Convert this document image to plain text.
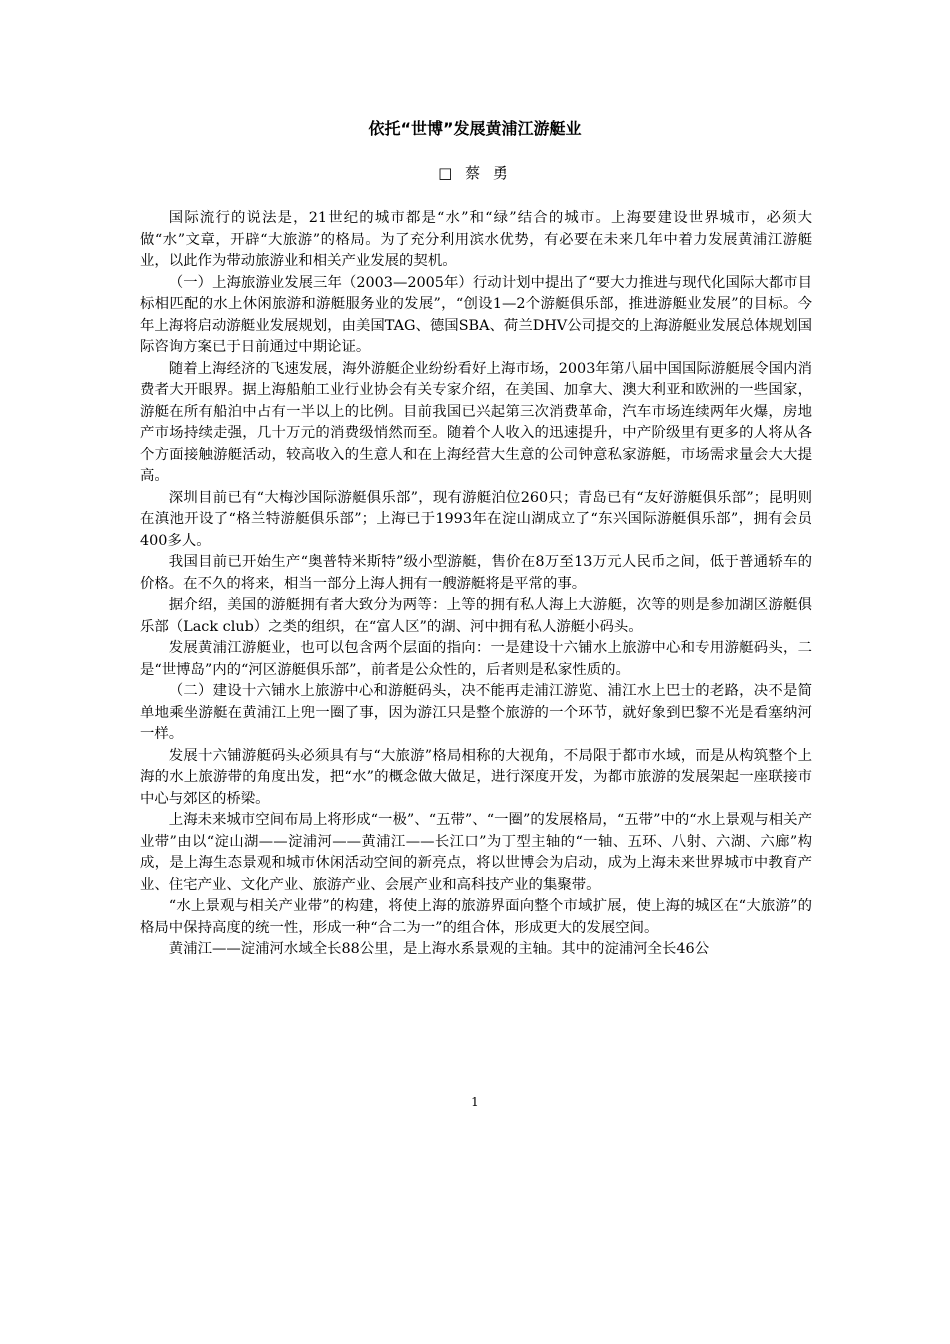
依托“世博”发展黄浦江游艇业
□ 蔡 勇

国际流行的说法是，21世纪的城市都是“水”和“绿”结合的城市。上海要建设世界城市，必须大做“水”文章，开辟“大旅游”的格局。为了充分利用滨水优势，有必要在未来几年中着力发展黄浦江游艇业，以此作为带动旅游业和相关产业发展的契机。

（一）上海旅游业发展三年（2003—2005年）行动计划中提出了“要大力推进与现代化国际大都市目标相匹配的水上休闲旅游和游艇服务业的发展”，“创设1—2个游艇俱乐部，推进游艇业发展”的目标。今年上海将启动游艇业发展规划，由美国TAG、德国SBA、荷兰DHV公司提交的上海游艇业发展总体规划国际咨询方案已于日前通过中期论证。

随着上海经济的飞速发展，海外游艇企业纷纷看好上海市场，2003年第八届中国国际游艇展令国内消费者大开眼界。据上海船舶工业行业协会有关专家介绍，在美国、加拿大、澳大利亚和欧洲的一些国家，游艇在所有船泊中占有一半以上的比例。目前我国已兴起第三次消费革命，汽车市场连续两年火爆，房地产市场持续走强，几十万元的消费级悄然而至。随着个人收入的迅速提升，中产阶级里有更多的人将从各个方面接触游艇活动，较高收入的生意人和在上海经营大生意的公司钟意私家游艇，市场需求量会大大提高。

深圳目前已有“大梅沙国际游艇俱乐部”，现有游艇泊位260只；青岛已有“友好游艇俱乐部”；昆明则在滇池开设了“格兰特游艇俱乐部”；上海已于1993年在淀山湖成立了“东兴国际游艇俱乐部”，拥有会员400多人。

我国目前已开始生产“奥普特米斯特”级小型游艇，售价在8万至13万元人民币之间，低于普通轿车的价格。在不久的将来，相当一部分上海人拥有一艘游艇将是平常的事。

据介绍，美国的游艇拥有者大致分为两等：上等的拥有私人海上大游艇，次等的则是参加湖区游艇俱乐部（Lack club）之类的组织，在“富人区”的湖、河中拥有私人游艇小码头。

发展黄浦江游艇业，也可以包含两个层面的指向：一是建设十六铺水上旅游中心和专用游艇码头，二是“世博岛”内的“河区游艇俱乐部”，前者是公众性的，后者则是私家性质的。

（二）建设十六铺水上旅游中心和游艇码头，决不能再走浦江游览、浦江水上巴士的老路，决不是简单地乘坐游艇在黄浦江上兜一圈了事，因为游江只是整个旅游的一个环节，就好象到巴黎不光是看塞纳河一样。

发展十六铺游艇码头必须具有与“大旅游”格局相称的大视角，不局限于都市水域，而是从构筑整个上海的水上旅游带的角度出发，把“水”的概念做大做足，进行深度开发，为都市旅游的发展架起一座联接市中心与郊区的桥梁。

上海未来城市空间布局上将形成“一极”、“五带”、“一圈”的发展格局，“五带”中的“水上景观与相关产业带”由以“淀山湖——淀浦河——黄浦江——长江口”为丁型主轴的“一轴、五环、八射、六湖、六廊”构成，是上海生态景观和城市休闲活动空间的新亮点，将以世博会为启动，成为上海未来世界城市中教育产业、住宅产业、文化产业、旅游产业、会展产业和高科技产业的集聚带。

“水上景观与相关产业带”的构建，将使上海的旅游界面向整个市域扩展，使上海的城区在“大旅游”的格局中保持高度的统一性，形成一种“合二为一”的组合体，形成更大的发展空间。

黄浦江——淀浦河水域全长88公里，是上海水系景观的主轴。其中的淀浦河全长46公

1
